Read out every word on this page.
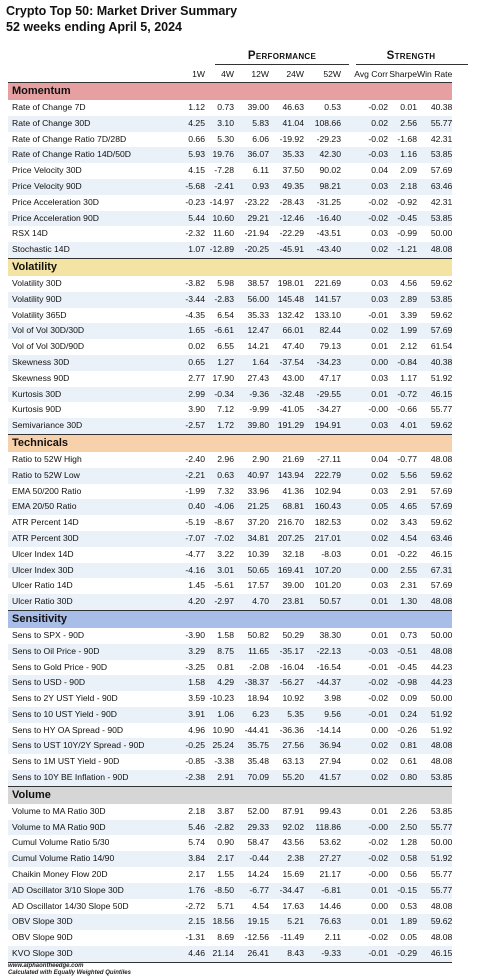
Crypto Top 50: Market Driver Summary
52 weeks ending April 5, 2024
Performance	Strength
	1W	4W	12W	24W	52W	Avg Corr	Sharpe	Win Rate
Momentum								
Rate of Change 7D	1.12	0.73	39.00	46.63	0.53	-0.02	0.01	40.38
Rate of Change 30D	4.25	3.10	5.83	41.04	108.66	0.02	2.56	55.77
Rate of Change Ratio 7D/28D	0.66	5.30	6.06	-19.92	-29.23	-0.02	-1.68	42.31
Rate of Change Ratio 14D/50D	5.93	19.76	36.07	35.33	42.30	-0.03	1.16	53.85
Price Velocity 30D	4.15	-7.28	6.11	37.50	90.02	0.04	2.09	57.69
Price Velocity 90D	-5.68	-2.41	0.93	49.35	98.21	0.03	2.18	63.46
Price Acceleration 30D	-0.23	-14.97	-23.22	-28.43	-31.25	-0.02	-0.92	42.31
Price Acceleration 90D	5.44	10.60	29.21	-12.46	-16.40	-0.02	-0.45	53.85
RSX 14D	-2.32	11.60	-21.94	-22.29	-43.51	0.03	-0.99	50.00
Stochastic 14D	1.07	-12.89	-20.25	-45.91	-43.40	0.02	-1.21	48.08
Volatility								
Volatility 30D	-3.82	5.98	38.57	198.01	221.69	0.03	4.56	59.62
Volatility 90D	-3.44	-2.83	56.00	145.48	141.57	0.03	2.89	53.85
Volatility 365D	-4.35	6.54	35.33	132.42	133.10	-0.01	3.39	59.62
Vol of Vol 30D/30D	1.65	-6.61	12.47	66.01	82.44	0.02	1.99	57.69
Vol of Vol 30D/90D	0.02	6.55	14.21	47.40	79.13	0.01	2.12	61.54
Skewness 30D	0.65	1.27	1.64	-37.54	-34.23	0.00	-0.84	40.38
Skewness 90D	2.77	17.90	27.43	43.00	47.17	0.03	1.17	51.92
Kurtosis 30D	2.99	-0.34	-9.36	-32.48	-29.55	0.01	-0.72	46.15
Kurtosis 90D	3.90	7.12	-9.99	-41.05	-34.27	-0.00	-0.66	55.77
Semivariance 30D	-2.57	1.72	39.80	191.29	194.91	0.03	4.01	59.62
Technicals								
Ratio to 52W High	-2.40	2.96	2.90	21.69	-27.11	0.04	-0.77	48.08
Ratio to 52W Low	-2.21	0.63	40.97	143.94	222.79	0.02	5.56	59.62
EMA 50/200 Ratio	-1.99	7.32	33.96	41.36	102.94	0.03	2.91	57.69
EMA 20/50 Ratio	0.40	-4.06	21.25	68.81	160.43	0.05	4.65	57.69
ATR Percent 14D	-5.19	-8.67	37.20	216.70	182.53	0.02	3.43	59.62
ATR Percent 30D	-7.07	-7.02	34.81	207.25	217.01	0.02	4.54	63.46
Ulcer Index 14D	-4.77	3.22	10.39	32.18	-8.03	0.01	-0.22	46.15
Ulcer Index 30D	-4.16	3.01	50.65	169.41	107.20	0.00	2.55	67.31
Ulcer Ratio 14D	1.45	-5.61	17.57	39.00	101.20	0.03	2.31	57.69
Ulcer Ratio 30D	4.20	-2.97	4.70	23.81	50.57	0.01	1.30	48.08
Sensitivity								
Sens to SPX - 90D	-3.90	1.58	50.82	50.29	38.30	0.01	0.73	50.00
Sens to Oil Price - 90D	3.29	8.75	11.65	-35.17	-22.13	-0.03	-0.51	48.08
Sens to Gold Price - 90D	-3.25	0.81	-2.08	-16.04	-16.54	-0.01	-0.45	44.23
Sens to USD - 90D	1.58	4.29	-38.37	-56.27	-44.37	-0.02	-0.98	44.23
Sens to 2Y UST Yield - 90D	3.59	-10.23	18.94	10.92	3.98	-0.02	0.09	50.00
Sens to 10 UST Yield - 90D	3.91	1.06	6.23	5.35	9.56	-0.01	0.24	51.92
Sens to HY OA Spread - 90D	4.96	10.90	-44.41	-36.36	-14.14	0.00	-0.26	51.92
Sens to UST 10Y/2Y Spread - 90D	-0.25	25.24	35.75	27.56	36.94	0.02	0.81	48.08
Sens to 1M UST Yield - 90D	-0.85	-3.38	35.48	63.13	27.94	0.02	0.61	48.08
Sens to 10Y BE Inflation - 90D	-2.38	2.91	70.09	55.20	41.57	0.02	0.80	53.85
Volume								
Volume to MA Ratio 30D	2.18	3.87	52.00	87.91	99.43	0.01	2.26	53.85
Volume to MA Ratio 90D	5.46	-2.82	29.33	92.02	118.86	-0.00	2.50	55.77
Cumul Volume Ratio 5/30	5.74	0.90	58.47	43.56	53.62	-0.02	1.28	50.00
Cumul Volume Ratio 14/90	3.84	2.17	-0.44	2.38	27.27	-0.02	0.58	51.92
Chaikin Money Flow 20D	2.17	1.55	14.24	15.69	21.17	-0.00	0.56	55.77
AD Oscillator 3/10 Slope 30D	1.76	-8.50	-6.77	-34.47	-6.81	0.01	-0.15	55.77
AD Oscillator 14/30 Slope 50D	-2.72	5.71	4.54	17.63	14.46	0.00	0.53	48.08
OBV Slope 30D	2.15	18.56	19.15	5.21	76.63	0.01	1.89	59.62
OBV Slope 90D	-1.31	8.69	-12.56	-11.49	2.11	-0.02	0.05	48.08
KVO Slope 30D	4.46	21.14	26.41	8.43	-9.33	-0.01	-0.29	46.15
www.alphaontheedge.com
Calculated with Equally Weighted Quintiles
